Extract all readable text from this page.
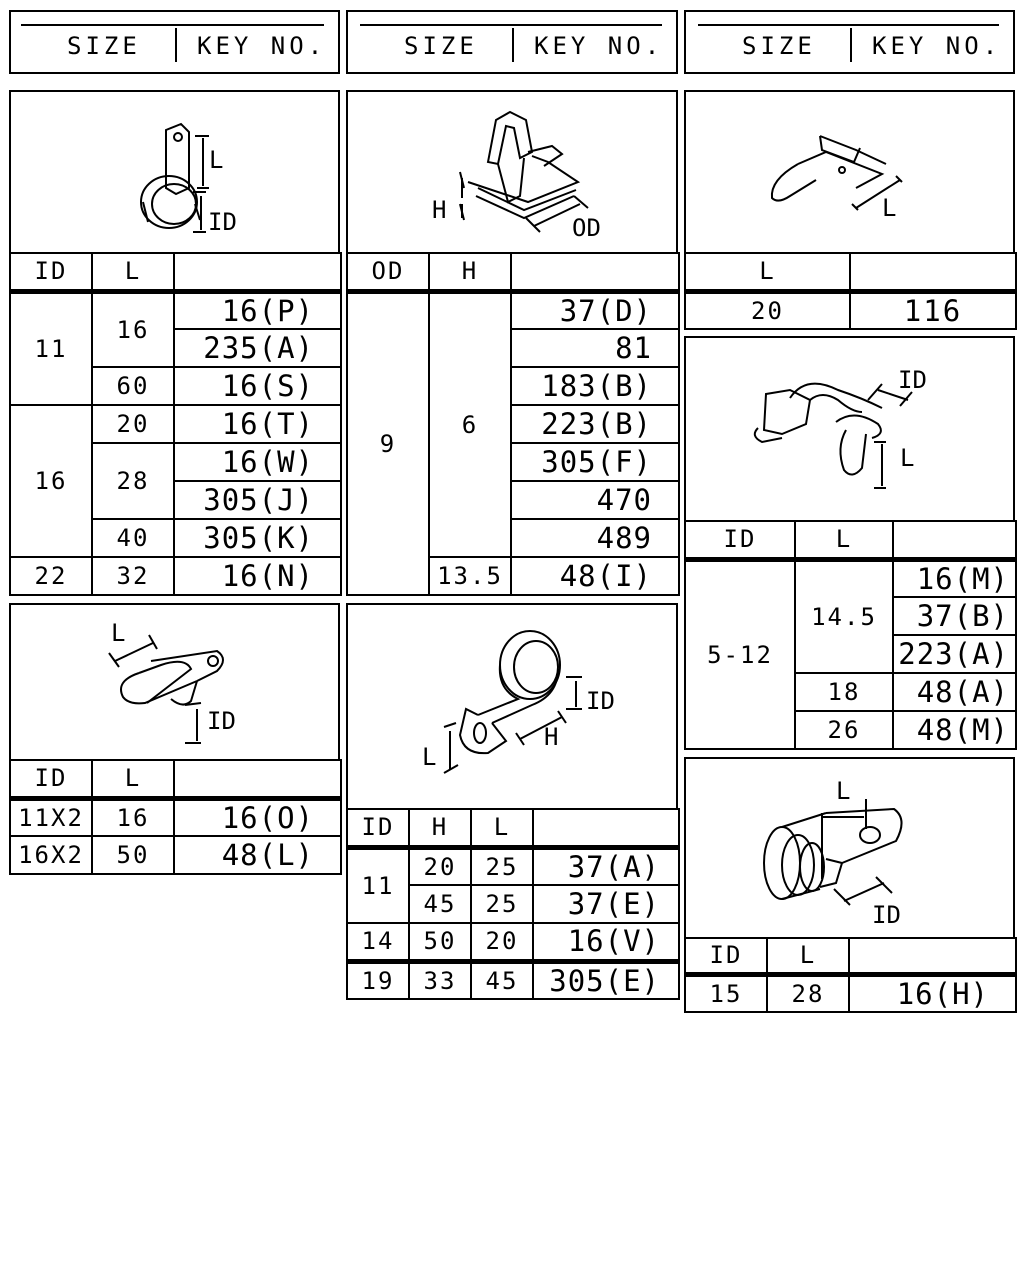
SIZE KEY NO.	SIZE KEY NO.	SIZE KEY NO.
L
ID
ID	L	
11	16	16(P)
		235(A)
	60	16(S)
16	20	16(T)
	28	16(W)
		305(J)
	40	305(K)
22	32	16(N)
H
OD
OD	H	
9	6	37(D)
		81
		183(B)
		223(B)
		305(F)
		470
		489
	13.5	48(I)
L
L	
20	116
ID
L
ID	L	
5-12	14.5	16(M)
		37(B)
		223(A)
	18	48(A)
	26	48(M)
L
ID
ID	L	
11X2	16	16(O)
16X2	50	48(L)
L
H
ID
ID	H	L	
11	20	25	37(A)
	45	25	37(E)
14	50	20	16(V)
19	33	45	305(E)
L
ID
ID	L	
15	28	16(H)
